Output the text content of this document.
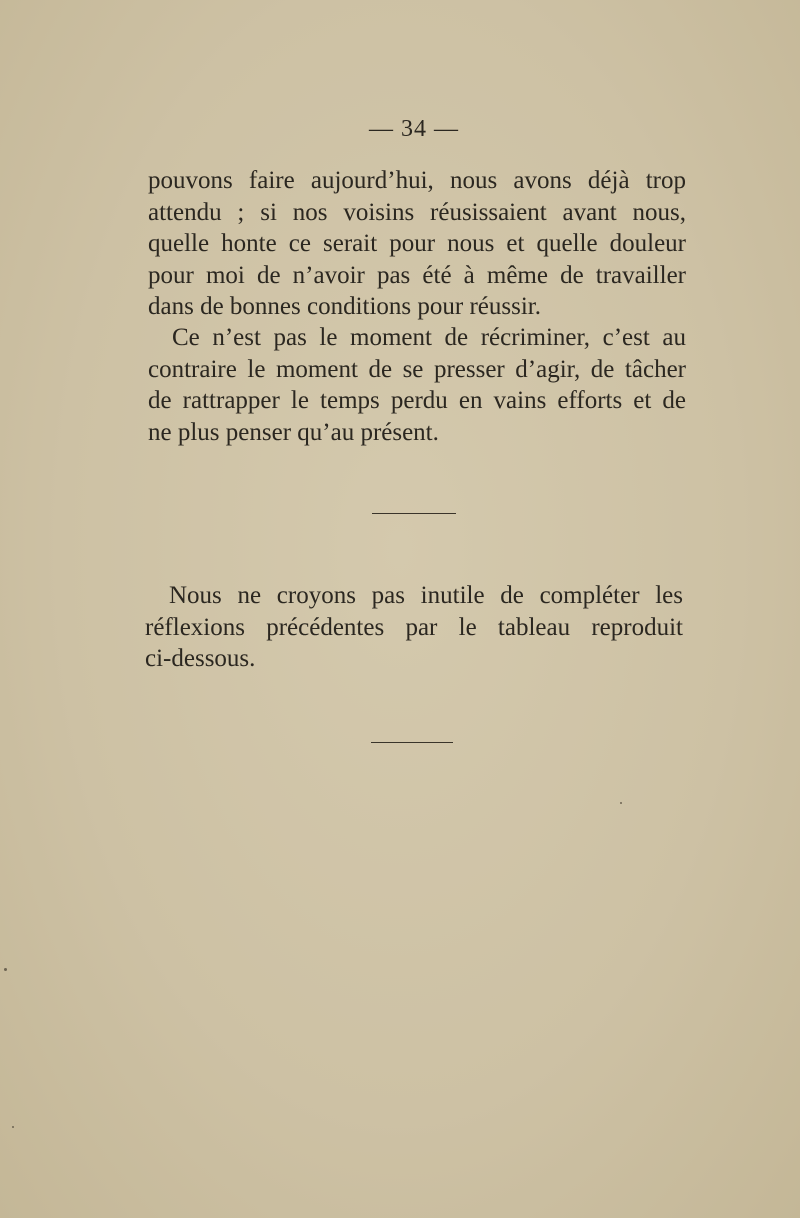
— 34 —

pouvons faire aujourd’hui, nous avons déjà trop
attendu ; si nos voisins réusissaient avant nous,
quelle honte ce serait pour nous et quelle douleur
pour moi de n’avoir pas été à même de travailler
dans de bonnes conditions pour réussir.

Ce n’est pas le moment de récriminer, c’est au
contraire le moment de se presser d’agir, de tâcher
de rattrapper le temps perdu en vains efforts et de
ne plus penser qu’au présent.

Nous ne croyons pas inutile de compléter les
réflexions précédentes par le tableau reproduit
ci-dessous.
